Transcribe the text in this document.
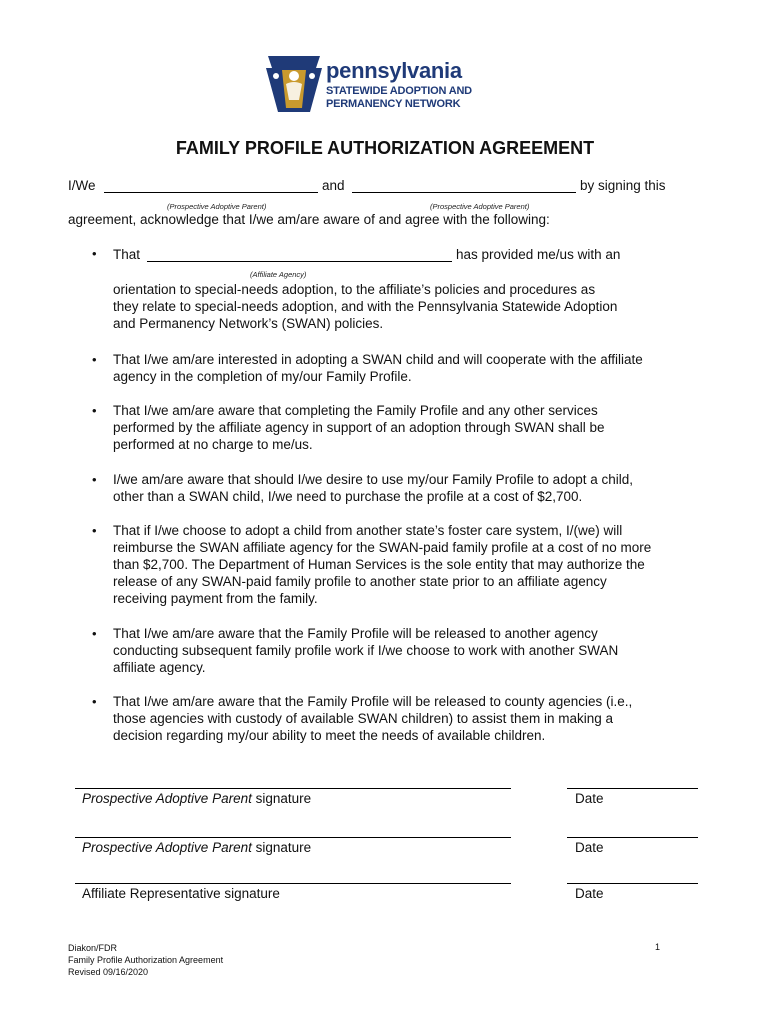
pennsylvania
STATEWIDE ADOPTION AND
PERMANENCY NETWORK
FAMILY PROFILE AUTHORIZATION AGREEMENT
I/We	and	by signing this
(Prospective Adoptive Parent)	(Prospective Adoptive Parent)
agreement, acknowledge that I/we am/are aware of and agree with the following:
• That	has provided me/us with an
(Affiliate Agency)
orientation to special-needs adoption, to the affiliate’s policies and procedures as
they relate to special-needs adoption, and with the Pennsylvania Statewide Adoption
and Permanency Network’s (SWAN) policies.
• That I/we am/are interested in adopting a SWAN child and will cooperate with the affiliate agency in the completion of my/our Family Profile.
• That I/we am/are aware that completing the Family Profile and any other services performed by the affiliate agency in support of an adoption through SWAN shall be performed at no charge to me/us.
• I/we am/are aware that should I/we desire to use my/our Family Profile to adopt a child, other than a SWAN child, I/we need to purchase the profile at a cost of $2,700.
• That if I/we choose to adopt a child from another state’s foster care system, I/(we) will reimburse the SWAN affiliate agency for the SWAN-paid family profile at a cost of no more than $2,700. The Department of Human Services is the sole entity that may authorize the release of any SWAN-paid family profile to another state prior to an affiliate agency receiving payment from the family.
• That I/we am/are aware that the Family Profile will be released to another agency conducting subsequent family profile work if I/we choose to work with another SWAN affiliate agency.
• That I/we am/are aware that the Family Profile will be released to county agencies (i.e., those agencies with custody of available SWAN children) to assist them in making a decision regarding my/our ability to meet the needs of available children.
Prospective Adoptive Parent signature	Date
Prospective Adoptive Parent signature	Date
Affiliate Representative signature	Date
Diakon/FDR
Family Profile Authorization Agreement
Revised 09/16/2020
1
